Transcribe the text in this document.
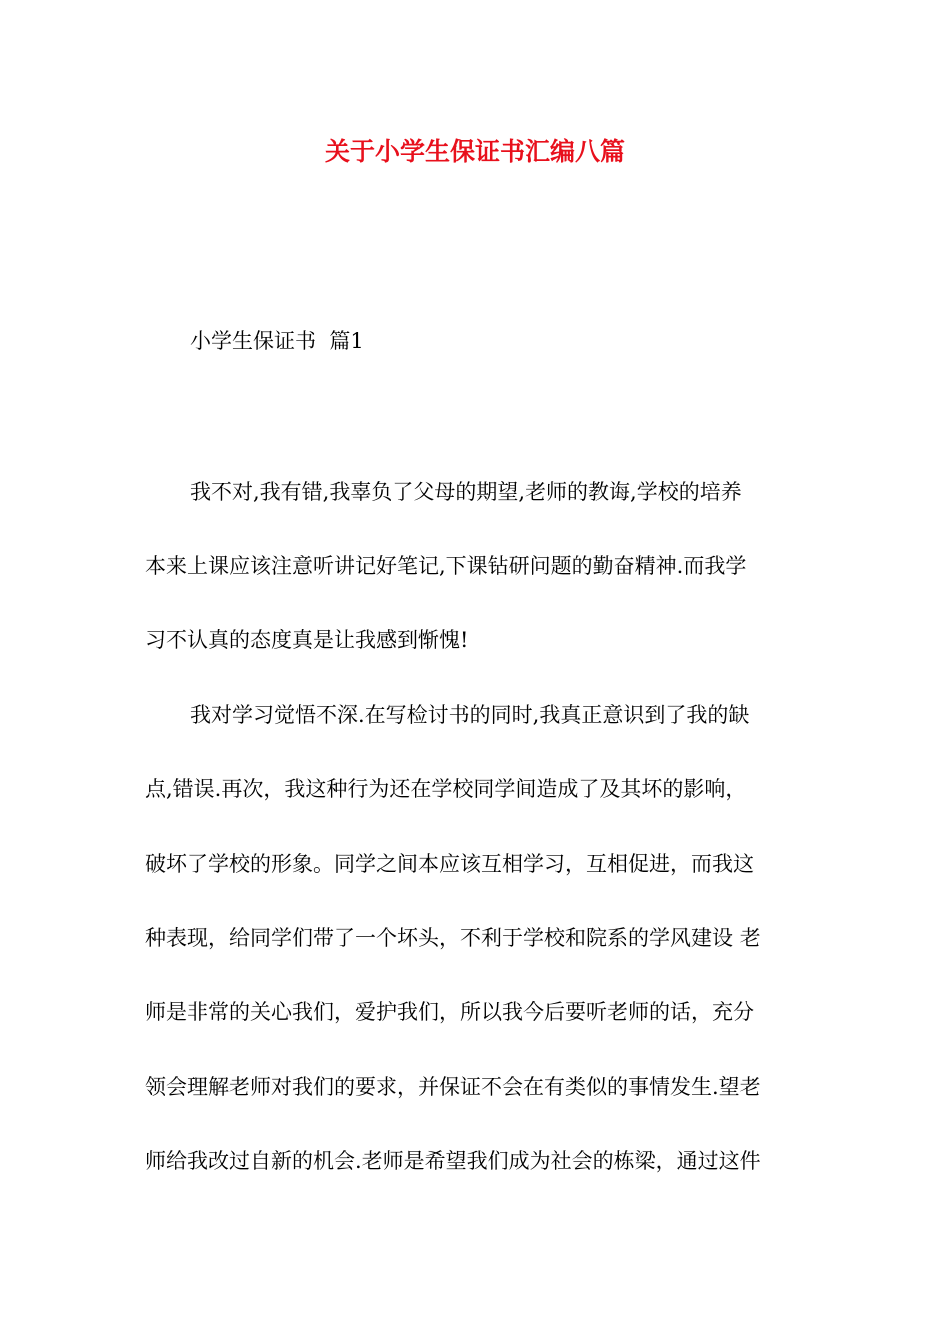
关于小学生保证书汇编八篇
小学生保证书  篇1
我不对,我有错,我辜负了父母的期望,老师的教诲,学校的培养
本来上课应该注意听讲记好笔记,下课钻研问题的勤奋精神.而我学
习不认真的态度真是让我感到惭愧!
我对学习觉悟不深.在写检讨书的同时,我真正意识到了我的缺
点,错误.再次，我这种行为还在学校同学间造成了及其坏的影响，
破坏了学校的形象。同学之间本应该互相学习，互相促进，而我这
种表现，给同学们带了一个坏头，不利于学校和院系的学风建设 老
师是非常的关心我们，爱护我们，所以我今后要听老师的话，充分
领会理解老师对我们的要求，并保证不会在有类似的事情发生.望老
师给我改过自新的机会.老师是希望我们成为社会的栋梁，通过这件
